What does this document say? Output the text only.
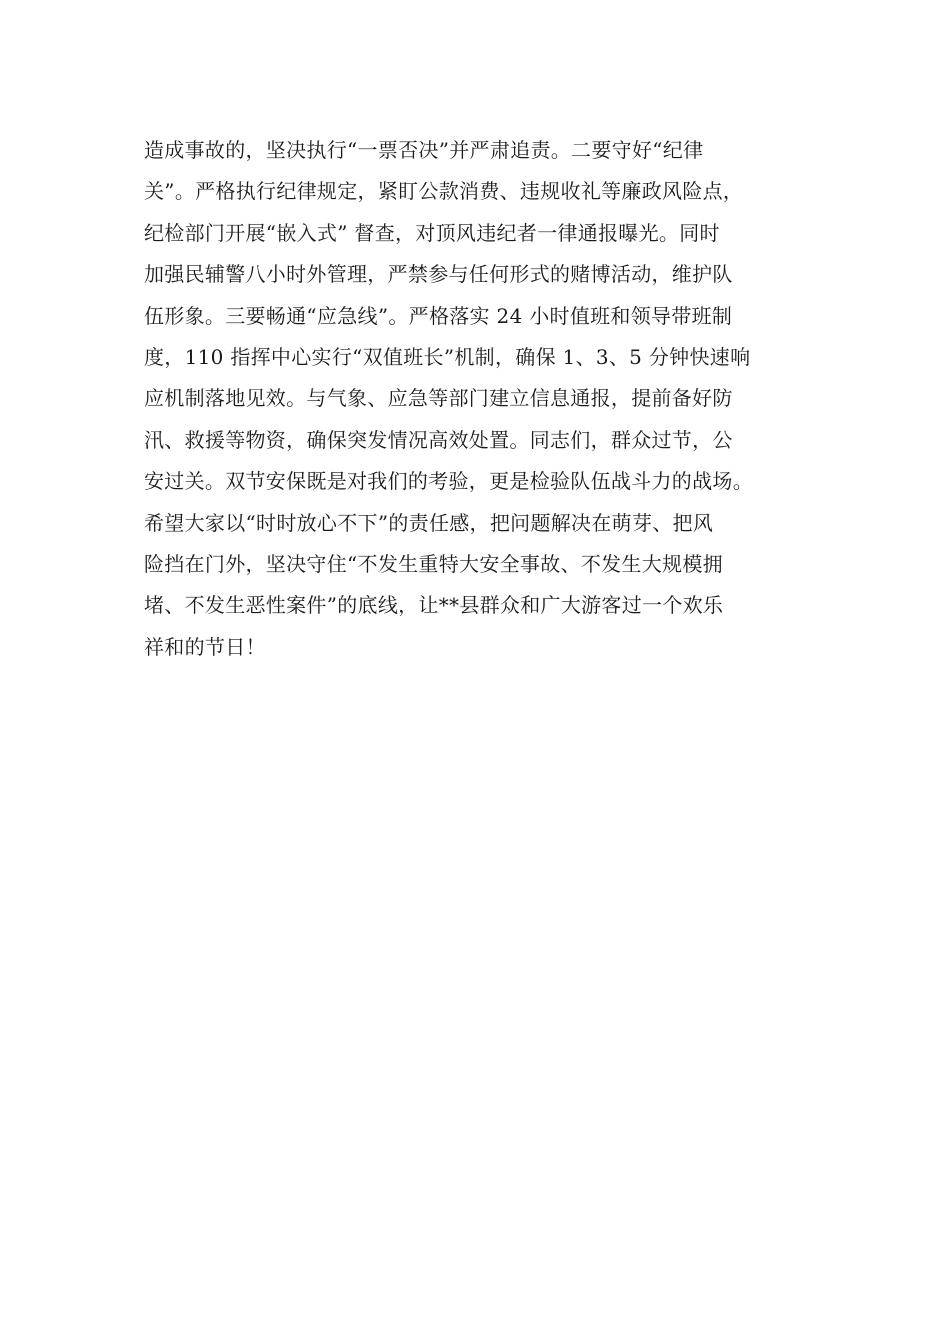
造成事故的，坚决执行“一票否决”并严肃追责。二要守好“纪律
关”。严格执行纪律规定，紧盯公款消费、违规收礼等廉政风险点，
纪检部门开展“嵌入式” 督查，对顶风违纪者一律通报曝光。同时
加强民辅警八小时外管理，严禁参与任何形式的赌博活动，维护队
伍形象。三要畅通“应急线”。严格落实 24 小时值班和领导带班制
度，110 指挥中心实行“双值班长”机制，确保 1、3、5 分钟快速响
应机制落地见效。与气象、应急等部门建立信息通报，提前备好防
汛、救援等物资，确保突发情况高效处置。同志们，群众过节，公
安过关。双节安保既是对我们的考验，更是检验队伍战斗力的战场。
希望大家以“时时放心不下”的责任感，把问题解决在萌芽、把风
险挡在门外，坚决守住“不发生重特大安全事故、不发生大规模拥
堵、不发生恶性案件”的底线，让**县群众和广大游客过一个欢乐
祥和的节日！
